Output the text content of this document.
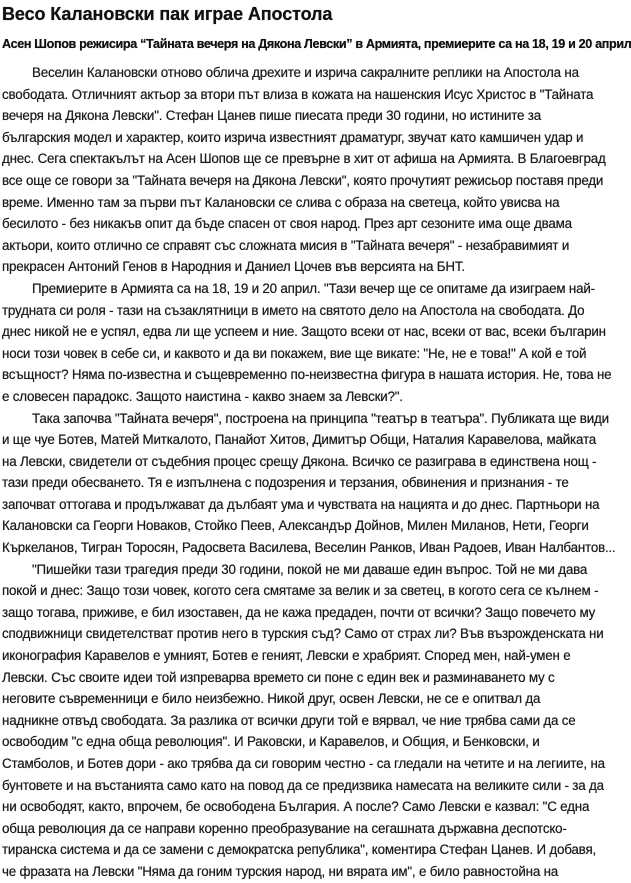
Весо Калановски пак играе Апостола
Асен Шопов режисира “Тайната вечеря на Дякона Левски” в Армията, премиерите са на 18, 19 и 20 април
Веселин Калановски отново облича дрехите и изрича сакралните реплики на Апостола на
свободата. Отличният актьор за втори път влиза в кожата на нашенския Исус Христос в "Тайната
вечеря на Дякона Левски". Стефан Цанев пише пиесата преди 30 години, но истините за
българския модел и характер, които изрича известният драматург, звучат като камшичен удар и
днес. Сега спектакълът на Асен Шопов ще се превърне в хит от афиша на Армията. В Благоевград
все още се говори за "Тайната вечеря на Дякона Левски", която прочутият режисьор поставя преди
време. Именно там за първи път Калановски се слива с образа на светеца, който увисва на
бесилото - без никакъв опит да бъде спасен от своя народ. През арт сезоните има още двама
актьори, които отлично се справят със сложната мисия в "Тайната вечеря" - незабравимият и
прекрасен Антоний Генов в Народния и Даниел Цочев във версията на БНТ.
Премиерите в Армията са на 18, 19 и 20 април. "Тази вечер ще се опитаме да изиграем най-
трудната си роля - тази на съзаклятници в името на святото дело на Апостола на свободата. До
днес никой не е успял, едва ли ще успеем и ние. Защото всеки от нас, всеки от вас, всеки българин
носи този човек в себе си, и каквото и да ви покажем, вие ще викате: "Не, не е това!" А кой е той
всъщност? Няма по-известна и същевременно по-неизвестна фигура в нашата история. Не, това не
е словесен парадокс. Защото наистина - какво знаем за Левски?".
Така започва "Тайната вечеря", построена на принципа "театър в театъра". Публиката ще види
и ще чуе Ботев, Матей Миткалото, Панайот Хитов, Димитър Общи, Наталия Каравелова, майката
на Левски, свидетели от съдебния процес срещу Дякона. Всичко се разиграва в единствена нощ -
тази преди обесването. Тя е изпълнена с подозрения и терзания, обвинения и признания - те
започват оттогава и продължават да дълбаят ума и чувствата на нацията и до днес. Партньори на
Калановски са Георги Новаков, Стойко Пеев, Александър Дойнов, Милен Миланов, Нети, Георги
Къркеланов, Тигран Торосян, Радосвета Василева, Веселин Ранков, Иван Радоев, Иван Налбантов...
"Пишейки тази трагедия преди 30 години, покой не ми даваше един въпрос. Той не ми дава
покой и днес: Защо този човек, когото сега смятаме за велик и за светец, в когото сега се кълнем -
защо тогава, приживе, е бил изоставен, да не кажа предаден, почти от всички? Защо повечето му
сподвижници свидетелстват против него в турския съд? Само от страх ли? Във възрожденската ни
иконография Каравелов е умният, Ботев е геният, Левски е храбрият. Според мен, най-умен е
Левски. Със своите идеи той изпреварва времето си поне с един век и разминаването му с
неговите съвременници е било неизбежно. Никой друг, освен Левски, не се е опитвал да
надникне отвъд свободата. За разлика от всички други той е вярвал, че ние трябва сами да се
освободим "с една обща революция". И Раковски, и Каравелов, и Общия, и Бенковски, и
Стамболов, и Ботев дори - ако трябва да си говорим честно - са гледали на четите и на легиите, на
бунтовете и на въстанията само като на повод да се предизвика намесата на великите сили - за да
ни освободят, както, впрочем, бе освободена България. А после? Само Левски е казвал: "С една
обща революция да се направи коренно преобразувание на сегашната държавна деспотско-
тиранска система и да се замени с демократска република", коментира Стефан Цанев. И добавя,
че фразата на Левски "Няма да гоним турския народ, ни вярата им", е било равностойна на
